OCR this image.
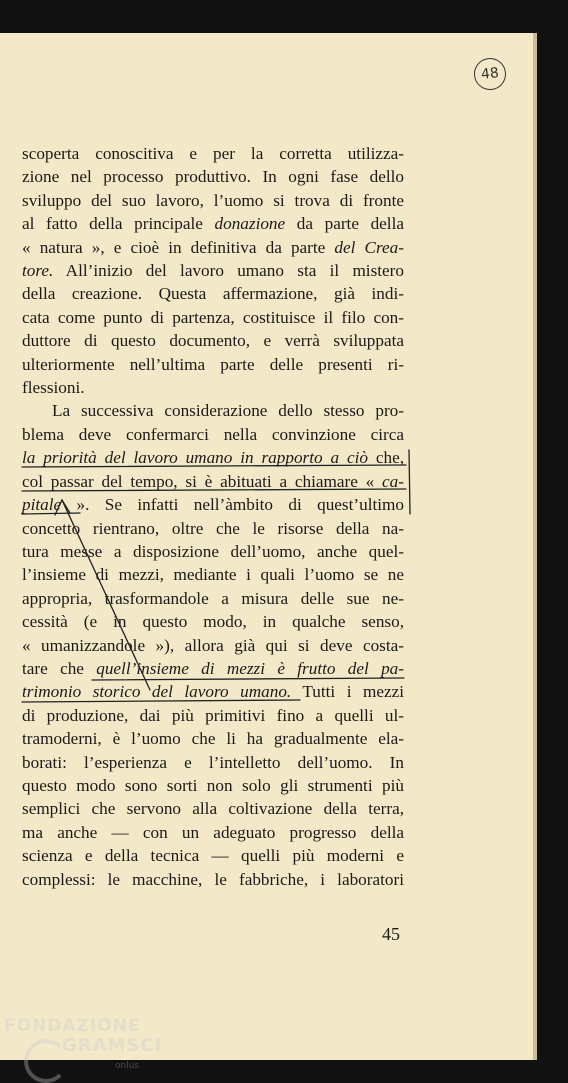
48

scoperta conoscitiva e per la corretta utilizza-
zione nel processo produttivo. In ogni fase dello
sviluppo del suo lavoro, l’uomo si trova di fronte
al fatto della principale donazione da parte della
« natura », e cioè in definitiva da parte del Crea-
tore. All’inizio del lavoro umano sta il mistero
della creazione. Questa affermazione, già indi-
cata come punto di partenza, costituisce il filo con-
duttore di questo documento, e verrà sviluppata
ulteriormente nell’ultima parte delle presenti ri-
flessioni.

La successiva considerazione dello stesso pro-
blema deve confermarci nella convinzione circa
la priorità del lavoro umano in rapporto a ciò che,
col passar del tempo, si è abituati a chiamare « ca-
pitale ». Se infatti nell’àmbito di quest’ultimo
concetto rientrano, oltre che le risorse della na-
tura messe a disposizione dell’uomo, anche quel-
l’insieme di mezzi, mediante i quali l’uomo se ne
appropria, trasformandole a misura delle sue ne-
cessità (e in questo modo, in qualche senso,
« umanizzandole »), allora già qui si deve costa-
tare che quell’insieme di mezzi è frutto del pa-
trimonio storico del lavoro umano. Tutti i mezzi
di produzione, dai più primitivi fino a quelli ul-
tramoderni, è l’uomo che li ha gradualmente ela-
borati: l’esperienza e l’intelletto dell’uomo. In
questo modo sono sorti non solo gli strumenti più
semplici che servono alla coltivazione della terra,
ma anche — con un adeguato progresso della
scienza e della tecnica — quelli più moderni e
complessi: le macchine, le fabbriche, i laboratori

45
FONDAZIONE
GRAMSCI
onlus
